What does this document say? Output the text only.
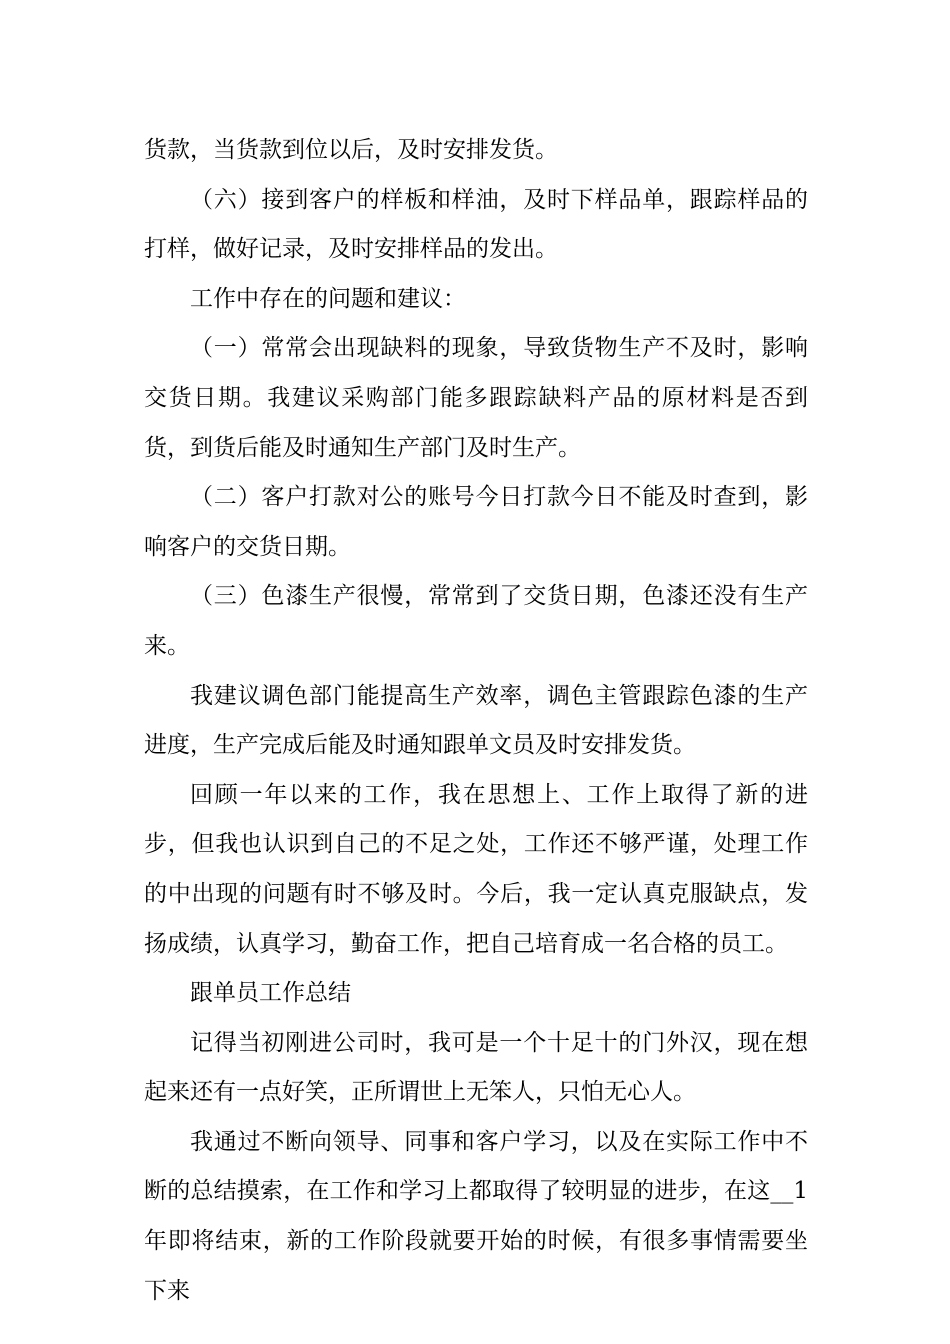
货款，当货款到位以后，及时安排发货。

（六）接到客户的样板和样油，及时下样品单，跟踪样品的打样，做好记录，及时安排样品的发出。

工作中存在的问题和建议：

（一）常常会出现缺料的现象，导致货物生产不及时，影响交货日期。我建议采购部门能多跟踪缺料产品的原材料是否到货，到货后能及时通知生产部门及时生产。

（二）客户打款对公的账号今日打款今日不能及时查到，影响客户的交货日期。

（三）色漆生产很慢，常常到了交货日期，色漆还没有生产来。

我建议调色部门能提高生产效率，调色主管跟踪色漆的生产进度，生产完成后能及时通知跟单文员及时安排发货。

回顾一年以来的工作，我在思想上、工作上取得了新的进步，但我也认识到自己的不足之处，工作还不够严谨，处理工作的中出现的问题有时不够及时。今后，我一定认真克服缺点，发扬成绩，认真学习，勤奋工作，把自己培育成一名合格的员工。

跟单员工作总结

记得当初刚进公司时，我可是一个十足十的门外汉，现在想起来还有一点好笑，正所谓世上无笨人，只怕无心人。

我通过不断向领导、同事和客户学习，以及在实际工作中不断的总结摸索，在工作和学习上都取得了较明显的进步，在这__1 年即将结束，新的工作阶段就要开始的时候，有很多事情需要坐下来
